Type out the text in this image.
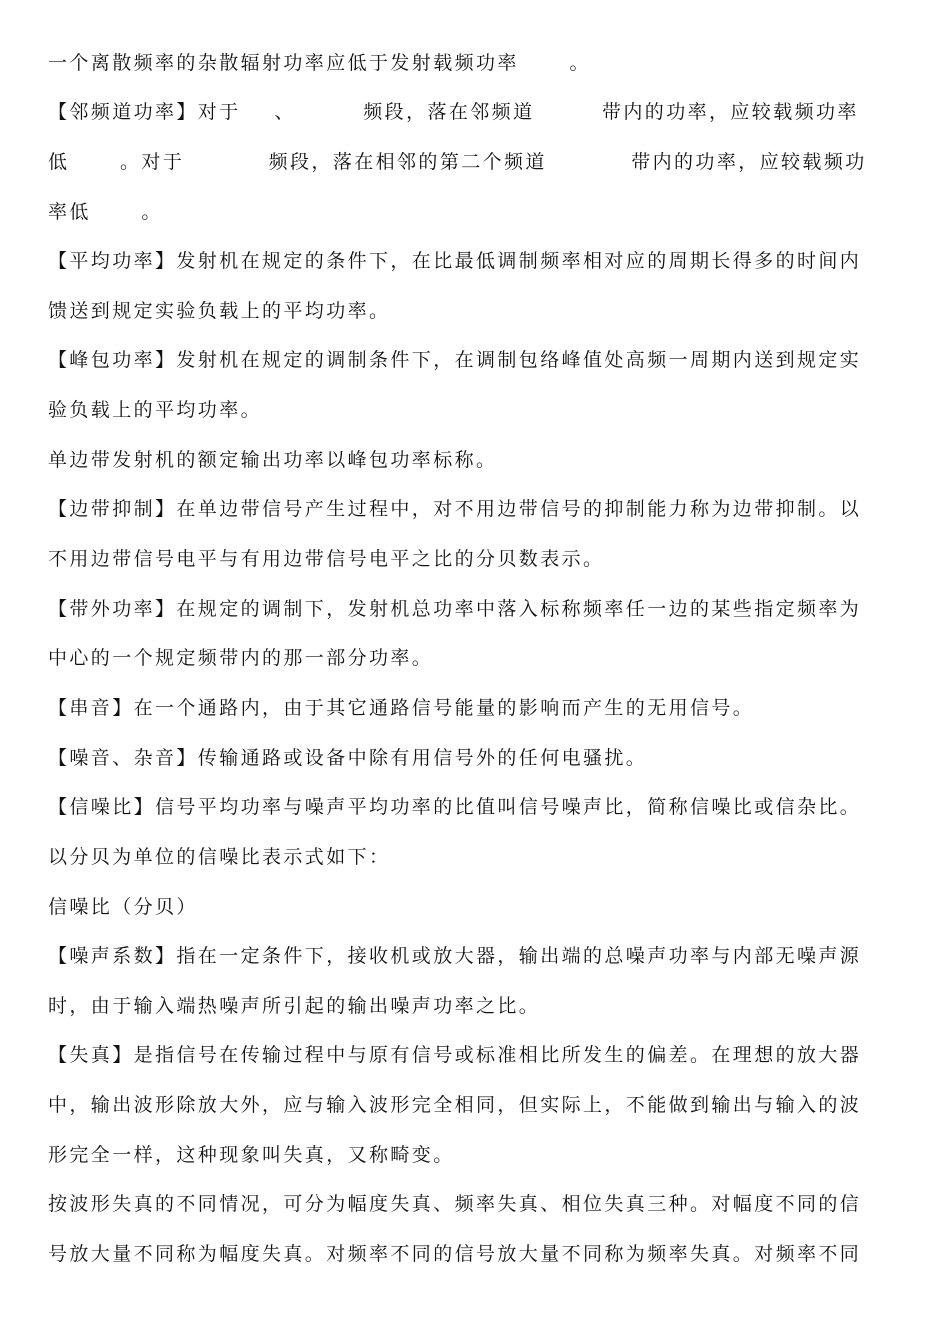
一个离散频率的杂散辐射功率应低于发射载频功率      。
【邻频道功率】对于    、        频段，落在邻频道        带内的功率，应较载频功率
低      。对于          频段，落在相邻的第二个频道          带内的功率，应较载频功
率低      。
【平均功率】发射机在规定的条件下，在比最低调制频率相对应的周期长得多的时间内
馈送到规定实验负载上的平均功率。
【峰包功率】发射机在规定的调制条件下，在调制包络峰值处高频一周期内送到规定实
验负载上的平均功率。
单边带发射机的额定输出功率以峰包功率标称。
【边带抑制】在单边带信号产生过程中，对不用边带信号的抑制能力称为边带抑制。以
不用边带信号电平与有用边带信号电平之比的分贝数表示。
【带外功率】在规定的调制下，发射机总功率中落入标称频率任一边的某些指定频率为
中心的一个规定频带内的那一部分功率。
【串音】在一个通路内，由于其它通路信号能量的影响而产生的无用信号。
【噪音、杂音】传输通路或设备中除有用信号外的任何电骚扰。
【信噪比】信号平均功率与噪声平均功率的比值叫信号噪声比，简称信噪比或信杂比。
以分贝为单位的信噪比表示式如下：
信噪比（分贝）
【噪声系数】指在一定条件下，接收机或放大器，输出端的总噪声功率与内部无噪声源
时，由于输入端热噪声所引起的输出噪声功率之比。
【失真】是指信号在传输过程中与原有信号或标准相比所发生的偏差。在理想的放大器
中，输出波形除放大外，应与输入波形完全相同，但实际上，不能做到输出与输入的波
形完全一样，这种现象叫失真，又称畸变。
按波形失真的不同情况，可分为幅度失真、频率失真、相位失真三种。对幅度不同的信
号放大量不同称为幅度失真。对频率不同的信号放大量不同称为频率失真。对频率不同
